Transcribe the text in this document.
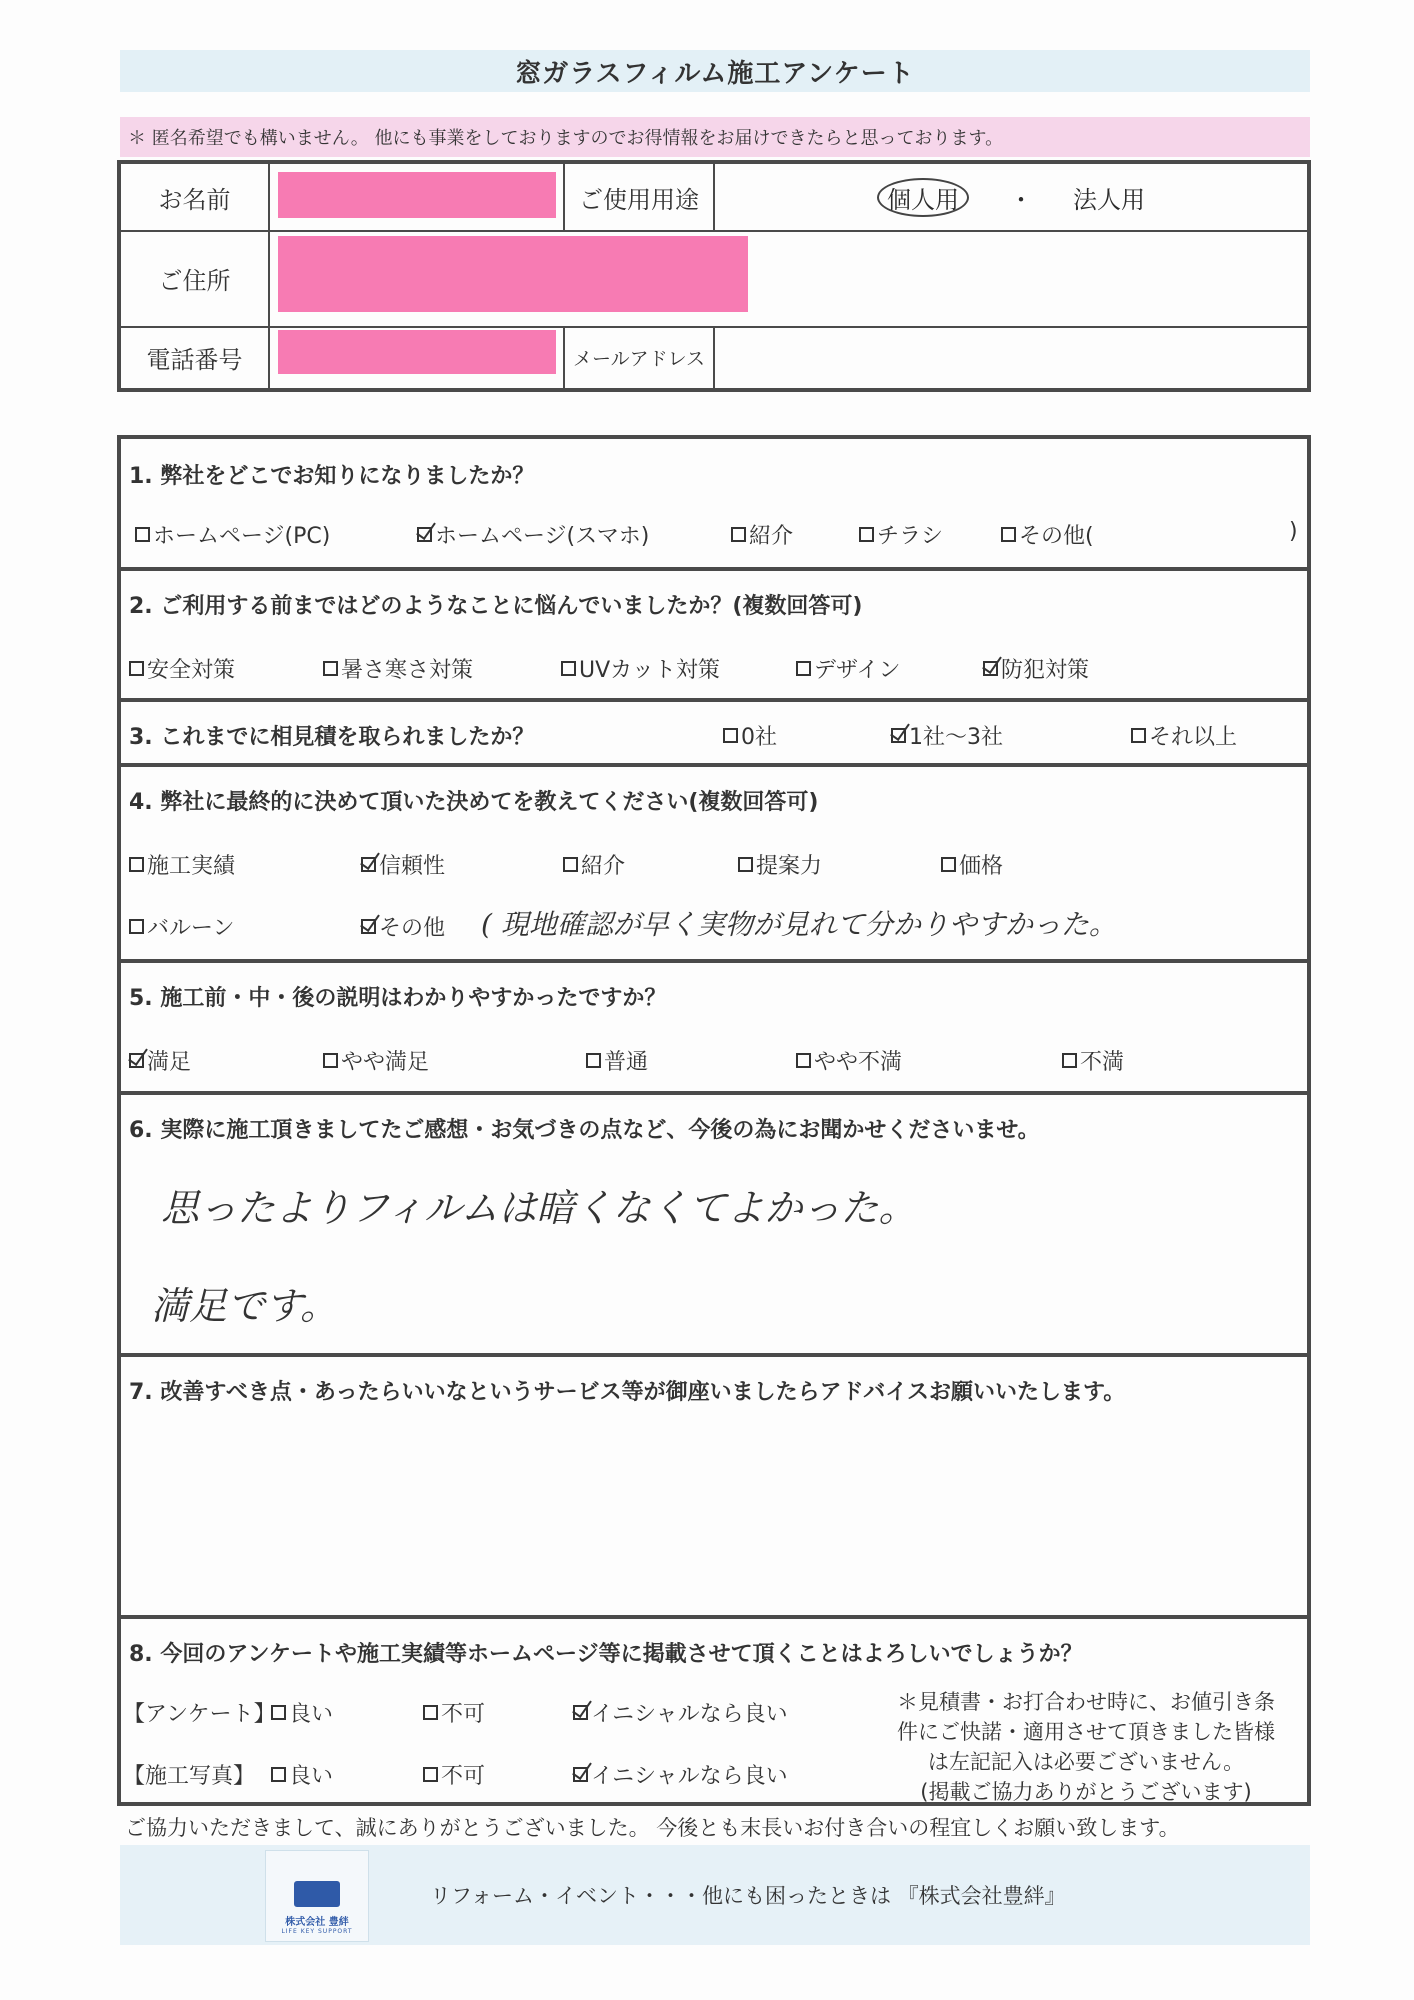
窓ガラスフィルム施工アンケート
＊ 匿名希望でも構いません。 他にも事業をしておりますのでお得情報をお届けできたらと思っております。
お名前	ご使用用途	個人用	・ 法人用
ご住所
電話番号	メールアドレス
1. 弊社をどこでお知りになりましたか？
ホームページ(PC)	ホームページ(スマホ)	紹介	チラシ	その他(	)
2. ご利用する前まではどのようなことに悩んでいましたか？(複数回答可)
安全対策	暑さ寒さ対策	UVカット対策	デザイン	防犯対策
3. これまでに相見積を取られましたか？	0社	1社～3社	それ以上
4. 弊社に最終的に決めて頂いた決めてを教えてください(複数回答可)
施工実績	信頼性	紹介	提案力	価格
バルーン	その他 ( 現地確認が早く実物が見れて分かりやすかった。
5. 施工前・中・後の説明はわかりやすかったですか？
満足	やや満足	普通	やや不満	不満
6. 実際に施工頂きましてたご感想・お気づきの点など、今後の為にお聞かせくださいませ。
思ったよりフィルムは暗くなくてよかった。
満足です。
7. 改善すべき点・あったらいいなというサービス等が御座いましたらアドバイスお願いいたします。
8. 今回のアンケートや施工実績等ホームページ等に掲載させて頂くことはよろしいでしょうか？
【アンケート】 良い	不可	イニシャルなら良い
【施工写真】 良い	不可	イニシャルなら良い
＊見積書・お打合わせ時に、お値引き条
件にご快諾・適用させて頂きました皆様
は左記記入は必要ございません。
(掲載ご協力ありがとうございます)
ご協力いただきまして、誠にありがとうございました。 今後とも末長いお付き合いの程宜しくお願い致します。
株式会社 豊絆
LIFE KEY SUPPORT
リフォーム・イベント・・・他にも困ったときは 『株式会社豊絆』
